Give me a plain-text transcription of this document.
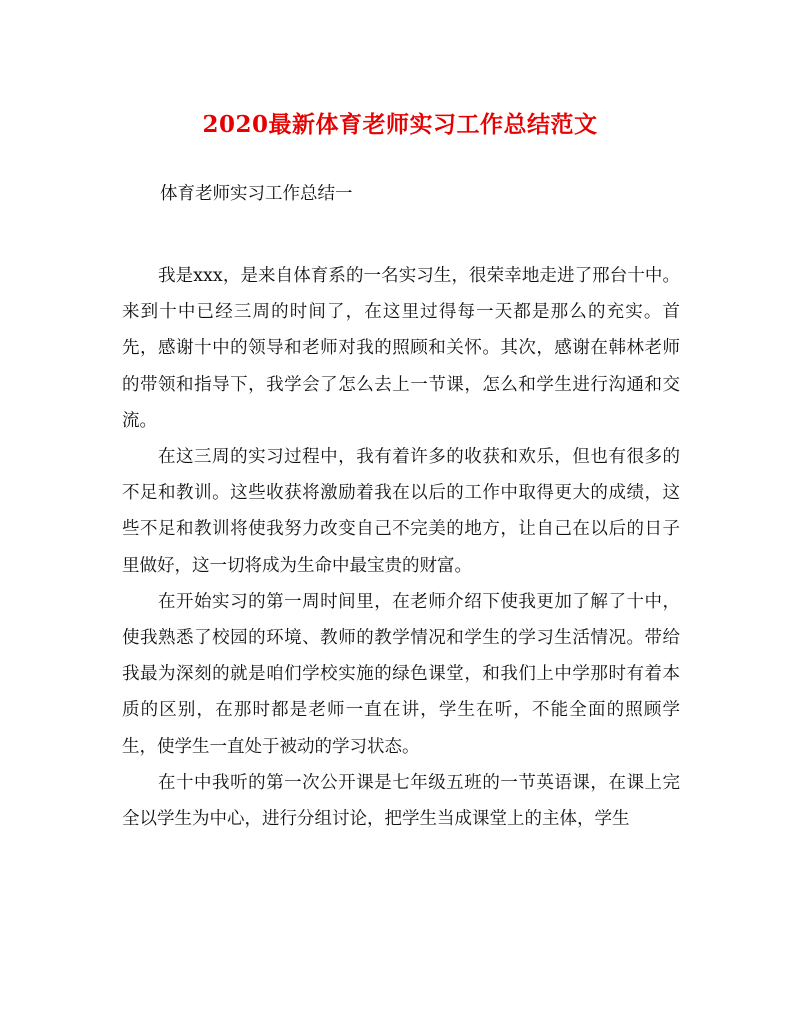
2020最新体育老师实习工作总结范文
体育老师实习工作总结一

我是xxx，是来自体育系的一名实习生，很荣幸地走进了邢台十中。来到十中已经三周的时间了，在这里过得每一天都是那么的充实。首先，感谢十中的领导和老师对我的照顾和关怀。其次，感谢在韩林老师的带领和指导下，我学会了怎么去上一节课，怎么和学生进行沟通和交流。

在这三周的实习过程中，我有着许多的收获和欢乐，但也有很多的不足和教训。这些收获将激励着我在以后的工作中取得更大的成绩，这些不足和教训将使我努力改变自己不完美的地方，让自己在以后的日子里做好，这一切将成为生命中最宝贵的财富。

在开始实习的第一周时间里，在老师介绍下使我更加了解了十中，使我熟悉了校园的环境、教师的教学情况和学生的学习生活情况。带给我最为深刻的就是咱们学校实施的绿色课堂，和我们上中学那时有着本质的区别，在那时都是老师一直在讲，学生在听，不能全面的照顾学生，使学生一直处于被动的学习状态。

在十中我听的第一次公开课是七年级五班的一节英语课，在课上完全以学生为中心，进行分组讨论，把学生当成课堂上的主体，学生
